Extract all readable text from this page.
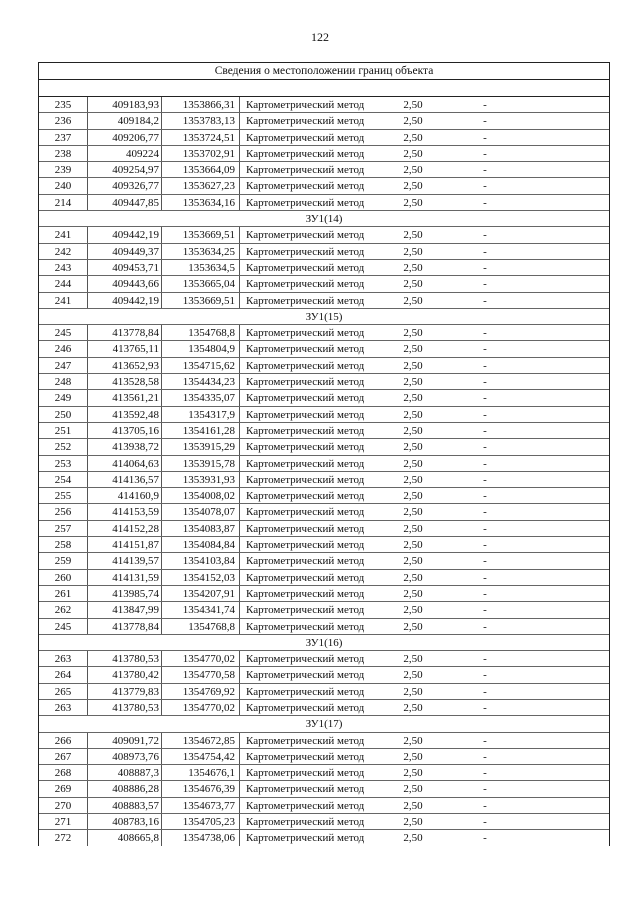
122
Сведения о местоположении границ объекта
235	409183,93	1353866,31	Картометрический метод	2,50	-
236	409184,2	1353783,13	Картометрический метод	2,50	-
237	409206,77	1353724,51	Картометрический метод	2,50	-
238	409224	1353702,91	Картометрический метод	2,50	-
239	409254,97	1353664,09	Картометрический метод	2,50	-
240	409326,77	1353627,23	Картометрический метод	2,50	-
214	409447,85	1353634,16	Картометрический метод	2,50	-
ЗУ1(14)
241	409442,19	1353669,51	Картометрический метод	2,50	-
242	409449,37	1353634,25	Картометрический метод	2,50	-
243	409453,71	1353634,5	Картометрический метод	2,50	-
244	409443,66	1353665,04	Картометрический метод	2,50	-
241	409442,19	1353669,51	Картометрический метод	2,50	-
ЗУ1(15)
245	413778,84	1354768,8	Картометрический метод	2,50	-
246	413765,11	1354804,9	Картометрический метод	2,50	-
247	413652,93	1354715,62	Картометрический метод	2,50	-
248	413528,58	1354434,23	Картометрический метод	2,50	-
249	413561,21	1354335,07	Картометрический метод	2,50	-
250	413592,48	1354317,9	Картометрический метод	2,50	-
251	413705,16	1354161,28	Картометрический метод	2,50	-
252	413938,72	1353915,29	Картометрический метод	2,50	-
253	414064,63	1353915,78	Картометрический метод	2,50	-
254	414136,57	1353931,93	Картометрический метод	2,50	-
255	414160,9	1354008,02	Картометрический метод	2,50	-
256	414153,59	1354078,07	Картометрический метод	2,50	-
257	414152,28	1354083,87	Картометрический метод	2,50	-
258	414151,87	1354084,84	Картометрический метод	2,50	-
259	414139,57	1354103,84	Картометрический метод	2,50	-
260	414131,59	1354152,03	Картометрический метод	2,50	-
261	413985,74	1354207,91	Картометрический метод	2,50	-
262	413847,99	1354341,74	Картометрический метод	2,50	-
245	413778,84	1354768,8	Картометрический метод	2,50	-
ЗУ1(16)
263	413780,53	1354770,02	Картометрический метод	2,50	-
264	413780,42	1354770,58	Картометрический метод	2,50	-
265	413779,83	1354769,92	Картометрический метод	2,50	-
263	413780,53	1354770,02	Картометрический метод	2,50	-
ЗУ1(17)
266	409091,72	1354672,85	Картометрический метод	2,50	-
267	408973,76	1354754,42	Картометрический метод	2,50	-
268	408887,3	1354676,1	Картометрический метод	2,50	-
269	408886,28	1354676,39	Картометрический метод	2,50	-
270	408883,57	1354673,77	Картометрический метод	2,50	-
271	408783,16	1354705,23	Картометрический метод	2,50	-
272	408665,8	1354738,06	Картометрический метод	2,50	-
